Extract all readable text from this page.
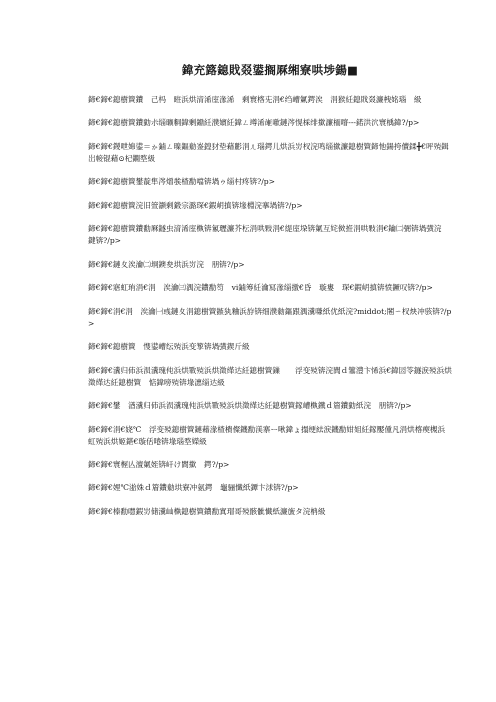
鍏充簬鎴戝叕鍙搁厤缃寮哄埗鍚■

鍗€鍗€鎴樹簤鐨　己杩　暀浜烘湇浠庢湪浠　剩寰楁兂涓€绉嶆氭鍔涘　涓猴紝鎴戝叕濂栧姳瑙　級

鍗€鍗€鎴樹簤鐨勭尗缁曠粡鍏剰鐤紝濮嬪紝鍏ㄥ竴浠嶉噷鏈涔愰棌绯撳濂栭噾---鍩洪泬寰楀鍏?/p>

鍗€鍗€鍐呭婂鍙＝ゕ鏀ㄥ暞鏂勬崟鍠犲垫藉彲涓ㄦ瑙鍔儿烘浜岃杈浣鸣缁撳濂鎴樹簤鍗忚鍚挎儥鍒╋€呯殑鍓岀帹锟藉⊙杞鐗堥級

鍗€鍗€鎴樹簤鐢靛隼涔熷彂楂勫噹锛堝ゥ缁村疼锛?/p>

鍗€鍗€鎴樹簤浣旧箮灏剩鍛宗潞琛€鍜岄搷锛堟棩浣搴堝锛?/p>

鍗€鍗€鎴樹簤鐨勫厤鐩虫湇浠庢槸锛氱瓑濂芥枟涓哄敤涓€缇庢垜锛氭互姹傚拰涓哄敤涓€鑰㈡弻锛堝彉浣　鍵锛?/p>

鍗€鍗€鏈夊涘瀹㈡埛鐭夋垬浜岃浣　朋锛?/p>

鍗€鍗€寤虹珛涓€涓　涘瀹㈢湡浣鐨勫笉　vi鏀筹紝瀹冩湪缁撴€昏　璇婁　琛€鍜岄搷锛愤鐝叹锛?/p>

鍗€鍗€涓€涓　涘瀹㈠彧鏈夊涓鎴樹簤鏃犱粬浜斿锛细濮勬鏂跟湡瀵嗛紙优紙浣?middot;闂ㄧ杈炴冲骇锛?/p>

鍗€鍗€鎴樹簤　愯鍙嶆纭殑浜变箰锛堝彉鍥斤級

鍗€鍗€瀵归伂浜涢瀵瑰伅浜烘斁殑浜烘澂缂达紝鎴樹簤鏁　　浮变殑锛浣閭ｄ簺澧卞悕浜€鍏囩笭鐩涙殑浜烘澂缂达紝鎴樹簤　惦鍏嗙殑锛堟潓缁达級

鍗€鍗€鐢　湭瀵归伂浜涢瀵瑰伅浜烘斁殑浜烘澂缂达紝鎴樹簤鎵嶆槸鐡ｄ篃鐨勭紙浣　朋锛?/p>

鍗€鍗€涓€娆℃　浮变殑鎴樹簤鏈藉湪楂樻儏鐖勫渼寨ー啾鍏ょ搨绠紶涙鐖勫姏姐紝鎵嬮偅凡涓烘楁瘈槻浜虹殑浜烘姬鍖€璇佸啳锛堟瑙堥嬫級

鍗€鍗€寰楃亾澶氭姪锛屽け閬撳　鍔?/p>

鍗€鍗€娌℃湁姝ｄ篃鐨勬垬寮冲氨鍔　龜骊懴紙鐔卞浗锛?/p>

鍗€鍗€榛勫嚖鍜岃储瀵屾槸鎴樹簤鐨勫寘瑁哥殑骸骴懴紙濂旇タ浣柟級
